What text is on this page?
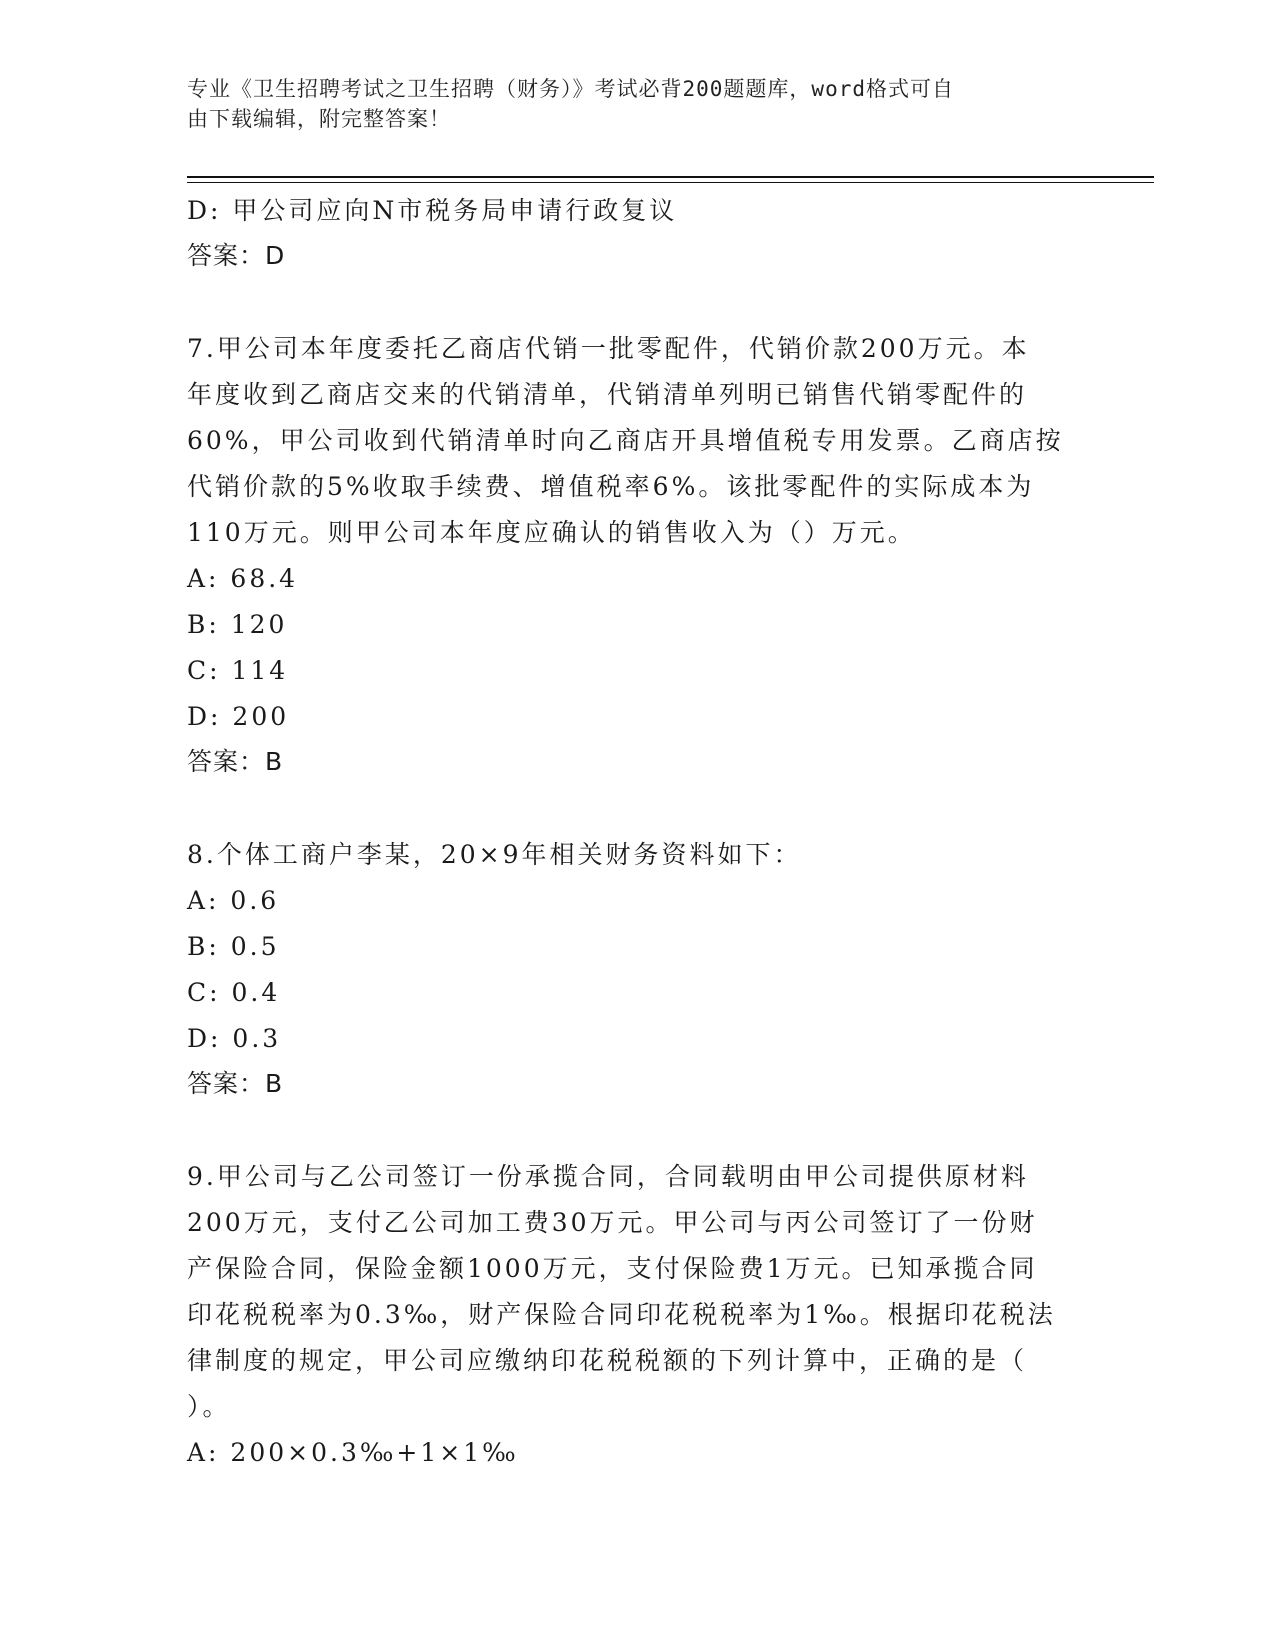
专业《卫生招聘考试之卫生招聘（财务）》考试必背200题题库，word格式可自
由下载编辑，附完整答案！
D: 甲公司应向N市税务局申请行政复议
答案：D
7.甲公司本年度委托乙商店代销一批零配件，代销价款200万元。本
年度收到乙商店交来的代销清单，代销清单列明已销售代销零配件的
60%，甲公司收到代销清单时向乙商店开具增值税专用发票。乙商店按
代销价款的5%收取手续费、增值税率6%。该批零配件的实际成本为
110万元。则甲公司本年度应确认的销售收入为（）万元。
A: 68.4
B: 120
C: 114
D: 200
答案：B
8.个体工商户李某，20×9年相关财务资料如下：
A: 0.6
B: 0.5
C: 0.4
D: 0.3
答案：B
9.甲公司与乙公司签订一份承揽合同，合同载明由甲公司提供原材料
200万元，支付乙公司加工费30万元。甲公司与丙公司签订了一份财
产保险合同，保险金额1000万元，支付保险费1万元。已知承揽合同
印花税税率为0.3‰，财产保险合同印花税税率为1‰。根据印花税法
律制度的规定，甲公司应缴纳印花税税额的下列计算中，正确的是（
）。
A: 200×0.3‰+1×1‰
